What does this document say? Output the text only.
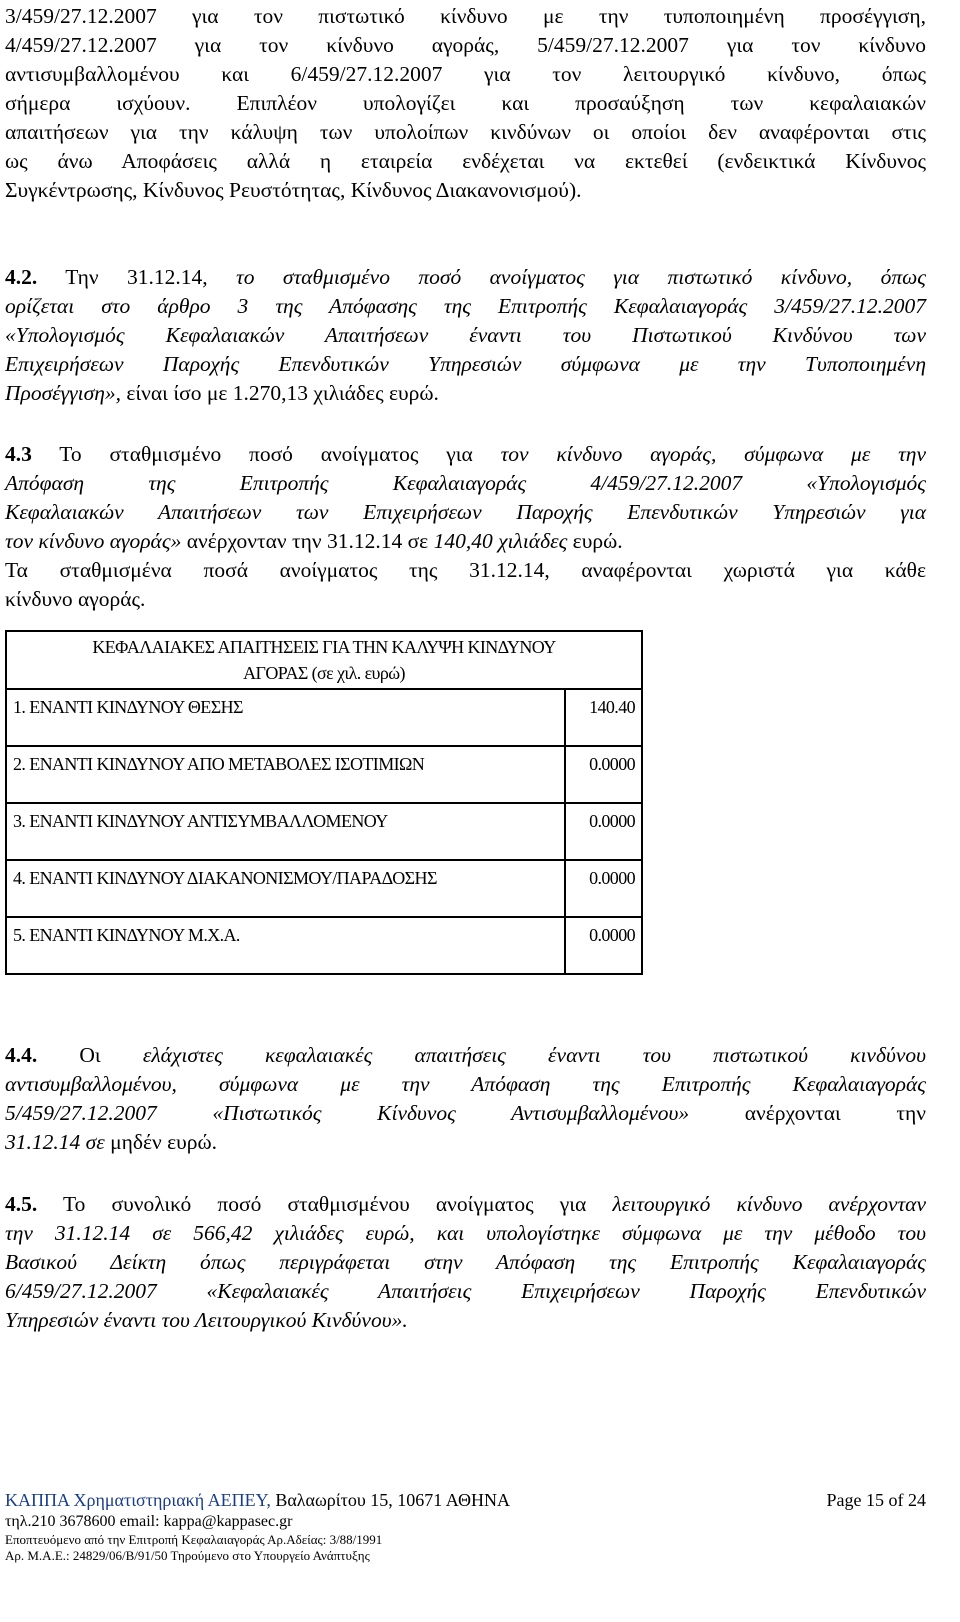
3/459/27.12.2007 για τον πιστωτικό κίνδυνο με την τυποποιημένη προσέγγιση,

4/459/27.12.2007 για τον κίνδυνο αγοράς, 5/459/27.12.2007 για τον κίνδυνο

αντισυμβαλλομένου και 6/459/27.12.2007 για τον λειτουργικό κίνδυνο, όπως

σήμερα ισχύουν. Επιπλέον υπολογίζει και προσαύξηση των κεφαλαιακών

απαιτήσεων για την κάλυψη των υπολοίπων κινδύνων οι οποίοι δεν αναφέρονται στις

ως άνω Αποφάσεις αλλά η εταιρεία ενδέχεται να εκτεθεί (ενδεικτικά Κίνδυνος

Συγκέντρωσης, Κίνδυνος Ρευστότητας, Κίνδυνος Διακανονισμού).

4.2. Την 31.12.14, το σταθμισμένο ποσό ανοίγματος για πιστωτικό κίνδυνο, όπως

ορίζεται στο άρθρο 3 της Απόφασης της Επιτροπής Κεφαλαιαγοράς 3/459/27.12.2007

«Υπολογισμός Κεφαλαιακών Απαιτήσεων έναντι του Πιστωτικού Κινδύνου των

Επιχειρήσεων Παροχής Επενδυτικών Υπηρεσιών σύμφωνα με την Τυποποιημένη

Προσέγγιση», είναι ίσο με 1.270,13 χιλιάδες ευρώ.

4.3 Το σταθμισμένο ποσό ανοίγματος για τον κίνδυνο αγοράς, σύμφωνα με την

Απόφαση της Επιτροπής Κεφαλαιαγοράς 4/459/27.12.2007 «Υπολογισμός

Κεφαλαιακών Απαιτήσεων των Επιχειρήσεων Παροχής Επενδυτικών Υπηρεσιών για

τον κίνδυνο αγοράς» ανέρχονταν την 31.12.14 σε 140,40 χιλιάδες ευρώ.

Τα σταθμισμένα ποσά ανοίγματος της 31.12.14, αναφέρονται χωριστά για κάθε

κίνδυνο αγοράς.

ΚΕΦΑΛΑΙΑΚΕΣ ΑΠΑΙΤΗΣΕΙΣ ΓΙΑ ΤΗΝ ΚΑΛΥΨΗ ΚΙΝΔΥΝΟΥ
ΑΓΟΡΑΣ (σε χιλ. ευρώ)	

1. ΕΝΑΝΤΙ ΚΙΝΔΥΝΟΥ ΘΕΣΗΣ	140.40
2. ΕΝΑΝΤΙ ΚΙΝΔΥΝΟΥ ΑΠΟ ΜΕΤΑΒΟΛΕΣ ΙΣΟΤΙΜΙΩΝ	0.0000
3. ΕΝΑΝΤΙ ΚΙΝΔΥΝΟΥ ΑΝΤΙΣΥΜΒΑΛΛΟΜΕΝΟΥ	0.0000
4. ΕΝΑΝΤΙ ΚΙΝΔΥΝΟΥ ΔΙΑΚΑΝΟΝΙΣΜΟΥ/ΠΑΡΑΔΟΣΗΣ	0.0000
5. ΕΝΑΝΤΙ ΚΙΝΔΥΝΟΥ Μ.Χ.Α.	0.0000

4.4. Οι ελάχιστες κεφαλαιακές απαιτήσεις έναντι του πιστωτικού κινδύνου

αντισυμβαλλομένου, σύμφωνα με την Απόφαση της Επιτροπής Κεφαλαιαγοράς

5/459/27.12.2007 «Πιστωτικός Κίνδυνος Αντισυμβαλλομένου»	ανέρχονται την

31.12.14 σε μηδέν ευρώ.

4.5. Το συνολικό ποσό σταθμισμένου ανοίγματος για λειτουργικό κίνδυνο ανέρχονταν

την 31.12.14 σε 566,42 χιλιάδες ευρώ, και υπολογίστηκε σύμφωνα με την μέθοδο του

Βασικού Δείκτη όπως περιγράφεται στην Απόφαση της Επιτροπής Κεφαλαιαγοράς

6/459/27.12.2007 «Κεφαλαιακές Απαιτήσεις Επιχειρήσεων Παροχής Επενδυτικών

Υπηρεσιών έναντι του Λειτουργικού Κινδύνου».

ΚΑΠΠΑ Χρηματιστηριακή ΑΕΠΕΥ, Βαλαωρίτου 15, 10671 ΑΘΗΝΑ	Page 15 of 24
τηλ.210 3678600 email: kappa@kappasec.gr
Εποπτευόμενο από την Επιτροπή Κεφαλαιαγοράς Αρ.Αδείας: 3/88/1991
Αρ. Μ.Α.Ε.: 24829/06/Β/91/50 Τηρούμενο στο Υπουργείο Ανάπτυξης
